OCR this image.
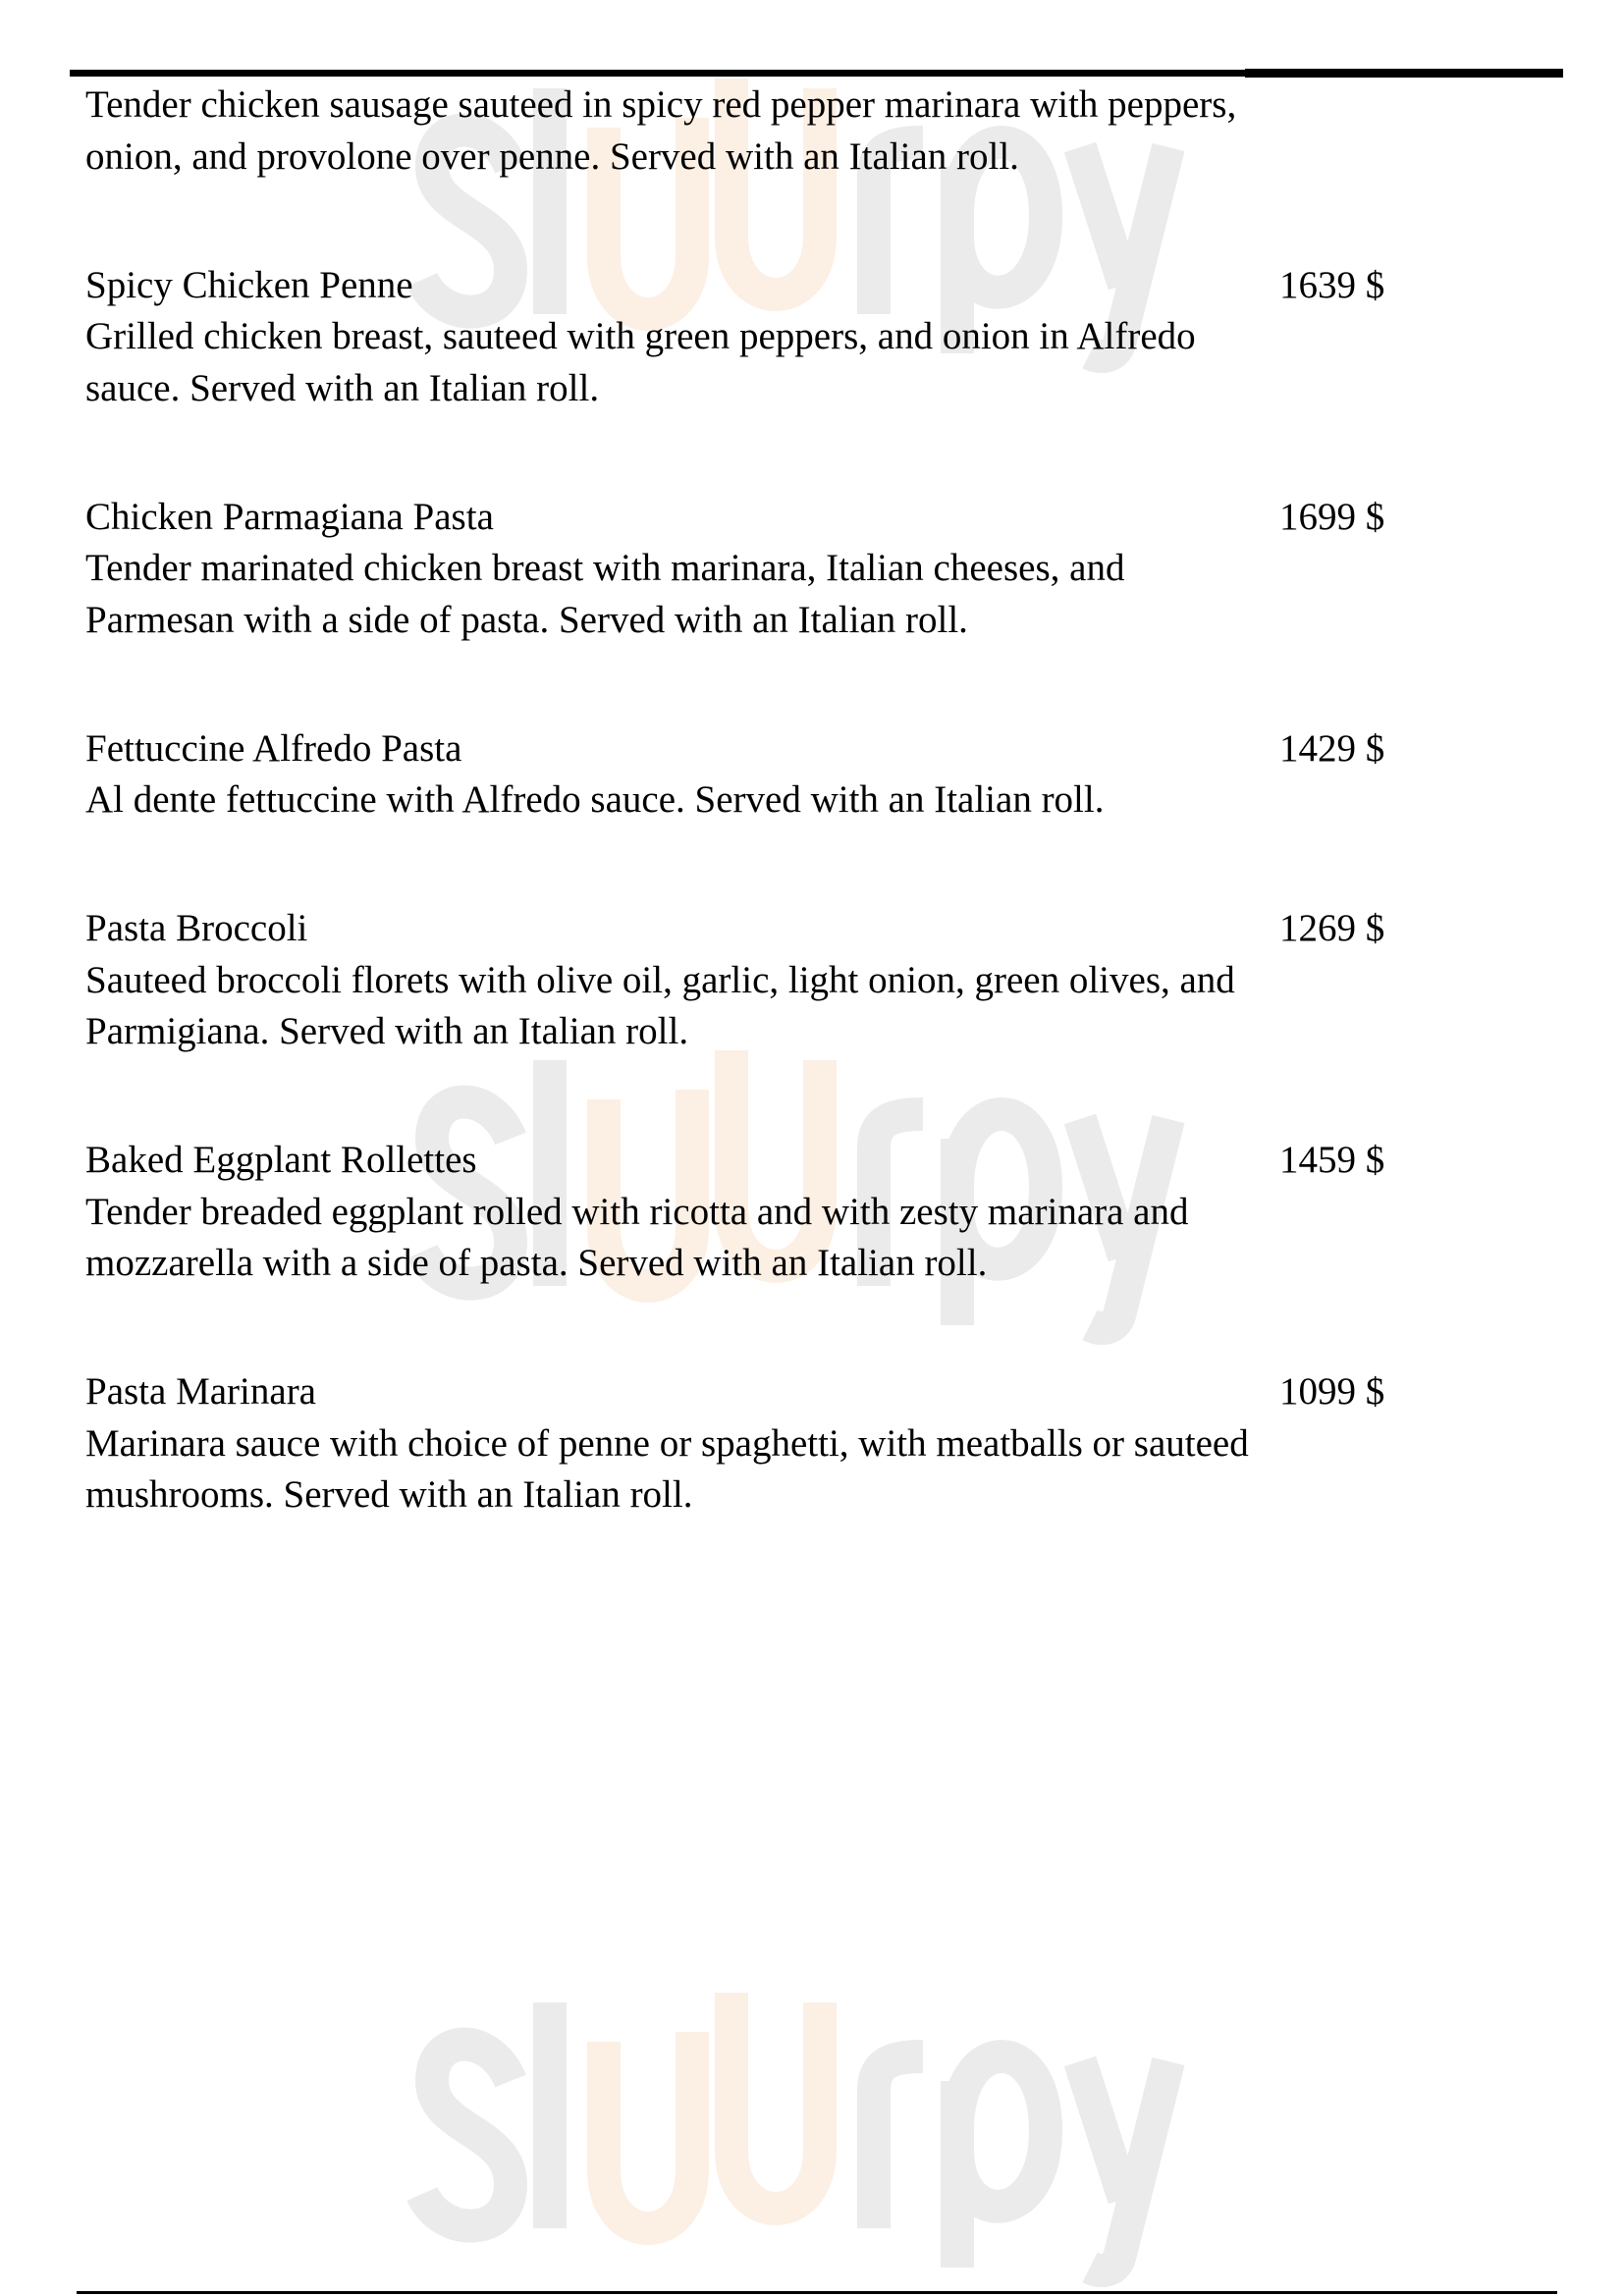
Tender chicken sausage sauteed in spicy red pepper marinara with peppers, onion, and provolone over penne. Served with an Italian roll.
Spicy Chicken Penne
Grilled chicken breast, sauteed with green peppers, and onion in Alfredo sauce. Served with an Italian roll.
1639 $
Chicken Parmagiana Pasta
Tender marinated chicken breast with marinara, Italian cheeses, and Parmesan with a side of pasta. Served with an Italian roll.
1699 $
Fettuccine Alfredo Pasta
Al dente fettuccine with Alfredo sauce. Served with an Italian roll.
1429 $
Pasta Broccoli
Sauteed broccoli florets with olive oil, garlic, light onion, green olives, and Parmigiana. Served with an Italian roll.
1269 $
Baked Eggplant Rollettes
Tender breaded eggplant rolled with ricotta and with zesty marinara and mozzarella with a side of pasta. Served with an Italian roll.
1459 $
Pasta Marinara
Marinara sauce with choice of penne or spaghetti, with meatballs or sauteed mushrooms. Served with an Italian roll.
1099 $
